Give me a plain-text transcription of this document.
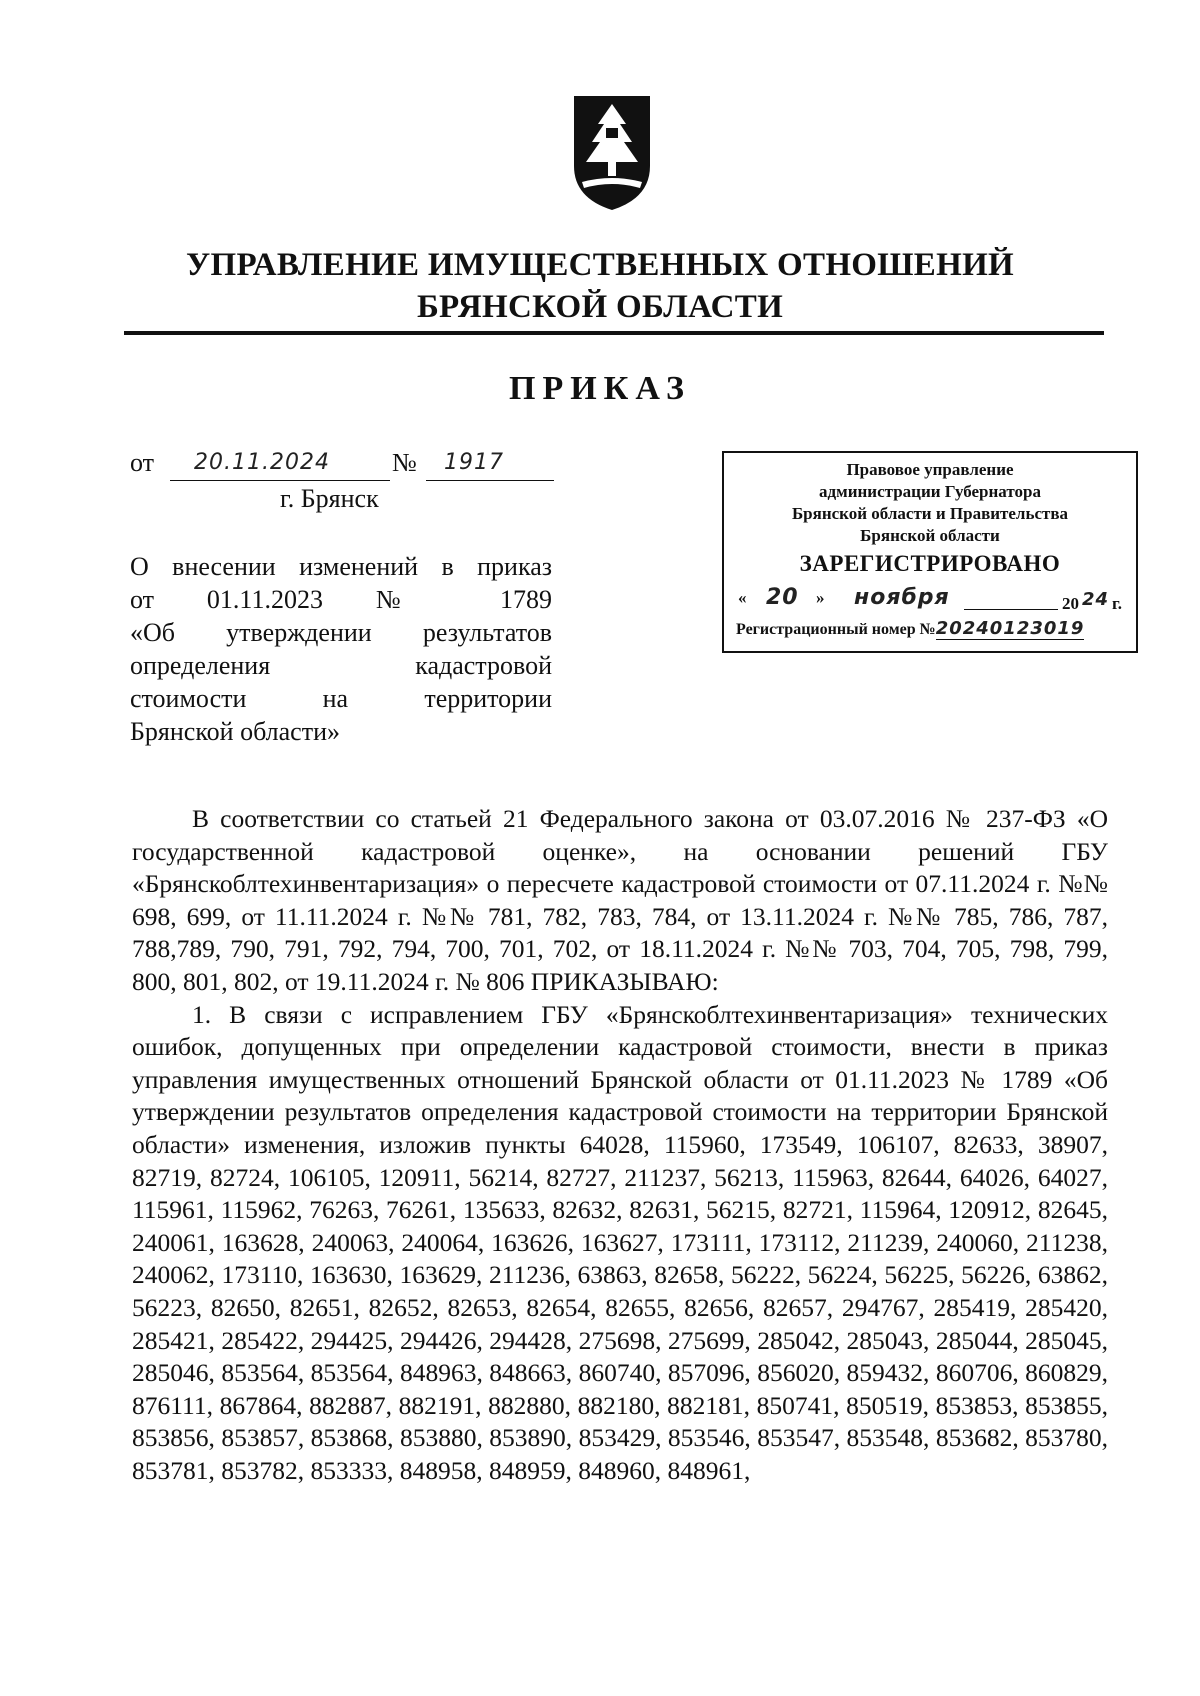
УПРАВЛЕНИЕ ИМУЩЕСТВЕННЫХ ОТНОШЕНИЙ
БРЯНСКОЙ ОБЛАСТИ
ПРИКАЗ
от 20.11.2024 № 1917
г. Брянск
Правовое управление
администрации Губернатора
Брянской области и Правительства
Брянской области
ЗАРЕГИСТРИРОВАНО
« 20 » ноября	20 24 г.
Регистрационный номер №20240123019
О внесении изменений в приказ
от 01.11.2023 № 1789
«Об утверждении результатов
определения кадастровой
стоимости на территории
Брянской области»

В соответствии со статьей 21 Федерального закона от 03.07.2016 № 237-ФЗ «О государственной кадастровой оценке», на основании решений ГБУ «Брянскоблтехинвентаризация» о пересчете кадастровой стоимости от 07.11.2024 г. №№ 698, 699, от 11.11.2024 г. №№ 781, 782, 783, 784, от 13.11.2024 г. №№ 785, 786, 787, 788,789, 790, 791, 792, 794, 700, 701, 702, от 18.11.2024 г. №№ 703, 704, 705, 798, 799, 800, 801, 802, от 19.11.2024 г. № 806 ПРИКАЗЫВАЮ:

1. В связи с исправлением ГБУ «Брянскоблтехинвентаризация» технических ошибок, допущенных при определении кадастровой стоимости, внести в приказ управления имущественных отношений Брянской области от 01.11.2023 № 1789 «Об утверждении результатов определения кадастровой стоимости на территории Брянской области» изменения, изложив пункты 64028, 115960, 173549, 106107, 82633, 38907, 82719, 82724, 106105, 120911, 56214, 82727, 211237, 56213, 115963, 82644, 64026, 64027, 115961, 115962, 76263, 76261, 135633, 82632, 82631, 56215, 82721, 115964, 120912, 82645, 240061, 163628, 240063, 240064, 163626, 163627, 173111, 173112, 211239, 240060, 211238, 240062, 173110, 163630, 163629, 211236, 63863, 82658, 56222, 56224, 56225, 56226, 63862, 56223, 82650, 82651, 82652, 82653, 82654, 82655, 82656, 82657, 294767, 285419, 285420, 285421, 285422, 294425, 294426, 294428, 275698, 275699, 285042, 285043, 285044, 285045, 285046, 853564, 853564, 848963, 848663, 860740, 857096, 856020, 859432, 860706, 860829, 876111, 867864, 882887, 882191, 882880, 882180, 882181, 850741, 850519, 853853, 853855, 853856, 853857, 853868, 853880, 853890, 853429, 853546, 853547, 853548, 853682, 853780, 853781, 853782, 853333, 848958, 848959, 848960, 848961,
